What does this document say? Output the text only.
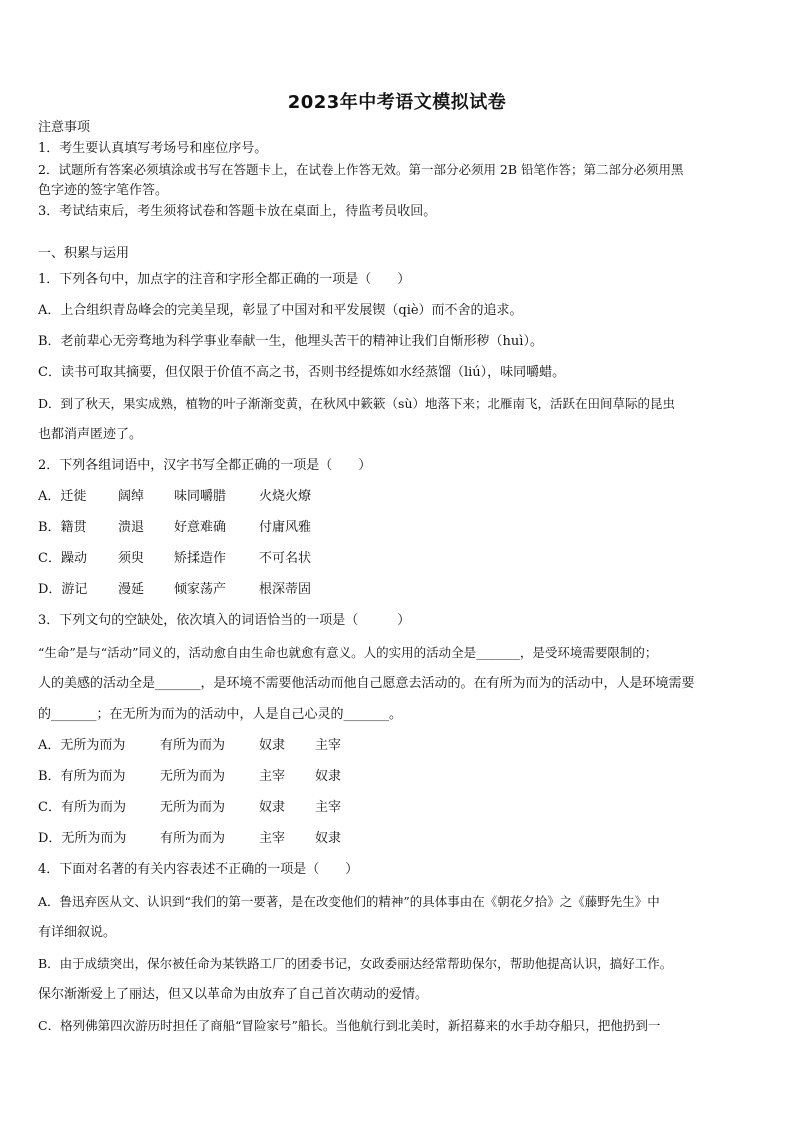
2023年中考语文模拟试卷
注意事项
1．考生要认真填写考场号和座位序号。
2．试题所有答案必须填涂或书写在答题卡上，在试卷上作答无效。第一部分必须用 2B 铅笔作答；第二部分必须用黑
色字迹的签字笔作答。
3．考试结束后，考生须将试卷和答题卡放在桌面上，待监考员收回。
一、积累与运用
1．下列各句中，加点字的注音和字形全都正确的一项是（　　）
A．上合组织青岛峰会的完美呈现，彰显了中国对和平发展锲（qiè）而不舍的追求。
B．老前辈心无旁骛地为科学事业奉献一生，他埋头苦干的精神让我们自惭形秽（huì）。
C．读书可取其摘要，但仅限于价值不高之书，否则书经提炼如水经蒸馏（liú），味同嚼蜡。
D．到了秋天，果实成熟，植物的叶子渐渐变黄，在秋风中簌簌（sù）地落下来；北雁南飞，活跃在田间草际的昆虫
也都消声匿迹了。
2．下列各组词语中，汉字书写全都正确的一项是（　　）
A．迁徙 阔绰 味同嚼腊	火烧火燎
B．籍贯 溃退 好意难确	付庸风雅
C．躁动 须臾 矫揉造作	不可名状
D．游记 漫延 倾家荡产	根深蒂固
3．下列文句的空缺处，依次填入的词语恰当的一项是（　　　）
“生命”是与“活动”同义的，活动愈自由生命也就愈有意义。人的实用的活动全是_______，是受环境需要限制的；
人的美感的活动全是_______，是环境不需要他活动而他自己愿意去活动的。在有所为而为的活动中，人是环境需要
的_______；在无所为而为的活动中，人是自己心灵的_______。
A．无所为而为	有所为而为	奴隶 主宰
B．有所为而为	无所为而为	主宰 奴隶
C．有所为而为	无所为而为	奴隶 主宰
D．无所为而为	有所为而为	主宰 奴隶
4．下面对名著的有关内容表述不正确的一项是（　　）
A．鲁迅弃医从文、认识到“我们的第一要著，是在改变他们的精神”的具体事由在《朝花夕拾》之《藤野先生》中
有详细叙说。
B．由于成绩突出，保尔被任命为某铁路工厂的团委书记，女政委丽达经常帮助保尔，帮助他提高认识，搞好工作。
保尔渐渐爱上了丽达，但又以革命为由放弃了自己首次萌动的爱情。
C．格列佛第四次游历时担任了商船“冒险家号”船长。当他航行到北美时，新招募来的水手劫夺船只，把他扔到一
